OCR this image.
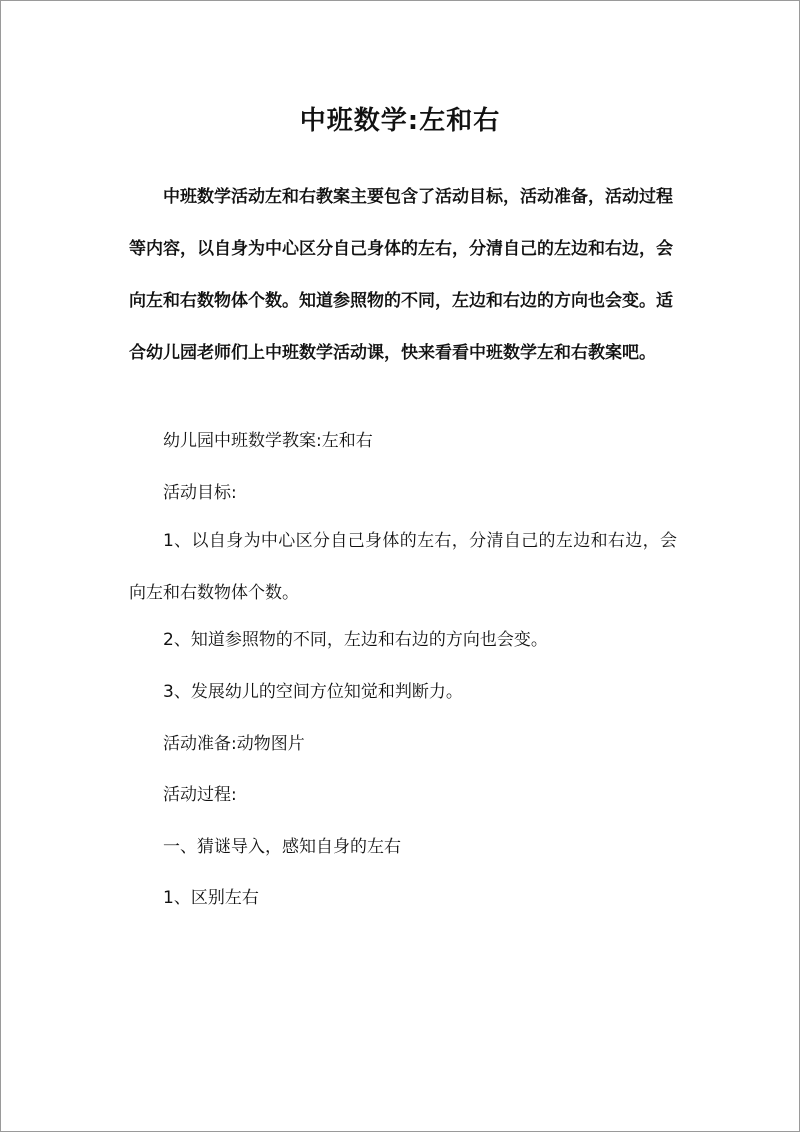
中班数学:左和右
中班数学活动左和右教案主要包含了活动目标，活动准备，活动过程等内容，以自身为中心区分自己身体的左右，分清自己的左边和右边，会向左和右数物体个数。知道参照物的不同，左边和右边的方向也会变。适合幼儿园老师们上中班数学活动课，快来看看中班数学左和右教案吧。
幼儿园中班数学教案:左和右
活动目标:
1、以自身为中心区分自己身体的左右，分清自己的左边和右边，会向左和右数物体个数。
2、知道参照物的不同，左边和右边的方向也会变。
3、发展幼儿的空间方位知觉和判断力。
活动准备:动物图片
活动过程:
一、猜谜导入，感知自身的左右
1、区别左右
